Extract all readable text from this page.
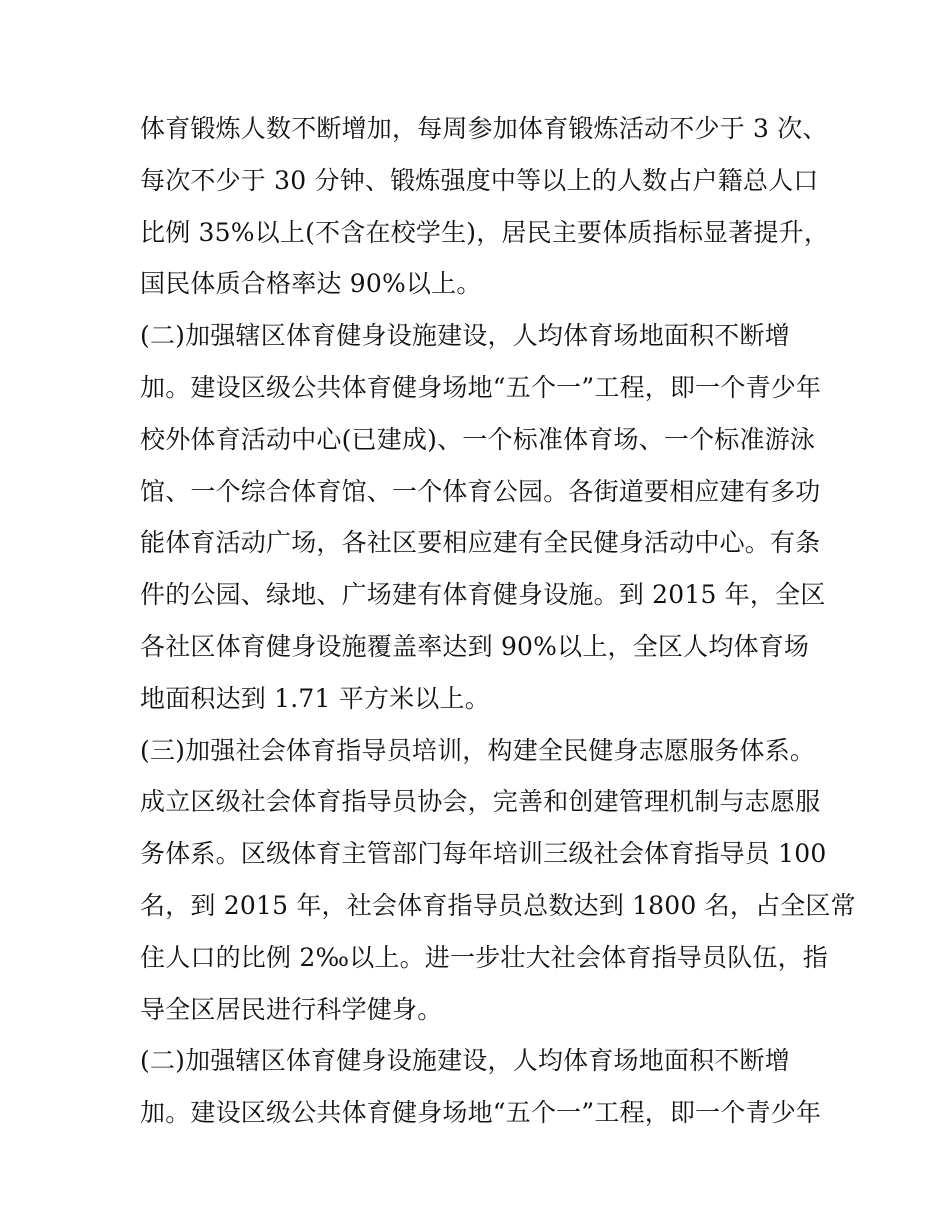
体育锻炼人数不断增加，每周参加体育锻炼活动不少于 3 次、
每次不少于 30 分钟、锻炼强度中等以上的人数占户籍总人口
比例 35%以上(不含在校学生)，居民主要体质指标显著提升，
国民体质合格率达 90%以上。
(二)加强辖区体育健身设施建设，人均体育场地面积不断增
加。建设区级公共体育健身场地“五个一”工程，即一个青少年
校外体育活动中心(已建成)、一个标准体育场、一个标准游泳
馆、一个综合体育馆、一个体育公园。各街道要相应建有多功
能体育活动广场，各社区要相应建有全民健身活动中心。有条
件的公园、绿地、广场建有体育健身设施。到 2015 年，全区
各社区体育健身设施覆盖率达到 90%以上，全区人均体育场
地面积达到 1.71 平方米以上。
(三)加强社会体育指导员培训，构建全民健身志愿服务体系。
成立区级社会体育指导员协会，完善和创建管理机制与志愿服
务体系。区级体育主管部门每年培训三级社会体育指导员 100
名，到 2015 年，社会体育指导员总数达到 1800 名，占全区常
住人口的比例 2‰以上。进一步壮大社会体育指导员队伍，指
导全区居民进行科学健身。
(二)加强辖区体育健身设施建设，人均体育场地面积不断增
加。建设区级公共体育健身场地“五个一”工程，即一个青少年
